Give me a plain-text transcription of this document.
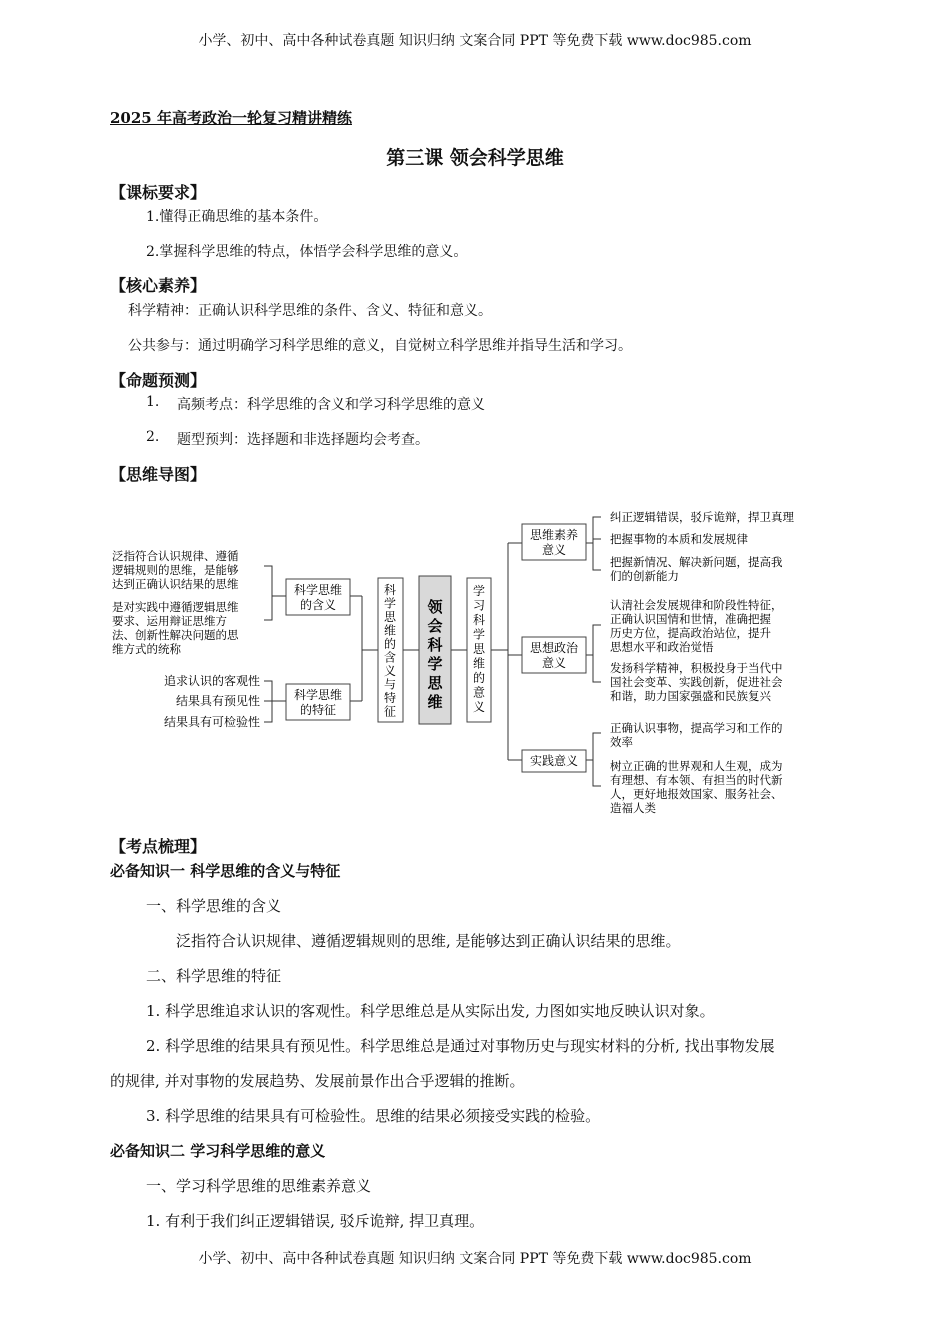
小学、初中、高中各种试卷真题 知识归纳 文案合同 PPT 等免费下载 www.doc985.com
小学、初中、高中各种试卷真题 知识归纳 文案合同 PPT 等免费下载 www.doc985.com
2025 年高考政治一轮复习精讲精练
第三课 领会科学思维
【课标要求】
1.懂得正确思维的基本条件。
2.掌握科学思维的特点，体悟学会科学思维的意义。
【核心素养】
科学精神：正确认识科学思维的条件、含义、特征和意义。
公共参与：通过明确学习科学思维的意义，自觉树立科学思维并指导生活和学习。
【命题预测】
1. 高频考点：科学思维的含义和学习科学思维的意义
2. 题型预判：选择题和非选择题均会考查。
【思维导图】
领
会
科
学
思
维
科
学
思
维
的
含
义
与
特
征
学
习
科
学
思
维
的
意
义
科学思维
的含义
科学思维
的特征
泛指符合认识规律、遵循
逻辑规则的思维，是能够
达到正确认识结果的思维
是对实践中遵循逻辑思维
要求、运用辩证思维方
法、创新性解决问题的思
维方式的统称
追求认识的客观性
结果具有预见性
结果具有可检验性
思维素养
意义
思想政治
意义
实践意义
纠正逻辑错误，驳斥诡辩，捍卫真理
把握事物的本质和发展规律
把握新情况、解决新问题，提高我
们的创新能力
认清社会发展规律和阶段性特征，
正确认识国情和世情，准确把握
历史方位，提高政治站位，提升
思想水平和政治觉悟
发扬科学精神，积极投身于当代中
国社会变革、实践创新，促进社会
和谐，助力国家强盛和民族复兴
正确认识事物，提高学习和工作的
效率
树立正确的世界观和人生观，成为
有理想、有本领、有担当的时代新
人，更好地报效国家、服务社会、
造福人类
【考点梳理】
必备知识一 科学思维的含义与特征
一、科学思维的含义
泛指符合认识规律、遵循逻辑规则的思维, 是能够达到正确认识结果的思维。
二、科学思维的特征
1. 科学思维追求认识的客观性。科学思维总是从实际出发, 力图如实地反映认识对象。
2. 科学思维的结果具有预见性。科学思维总是通过对事物历史与现实材料的分析, 找出事物发展
的规律, 并对事物的发展趋势、发展前景作出合乎逻辑的推断。
3. 科学思维的结果具有可检验性。思维的结果必须接受实践的检验。
必备知识二 学习科学思维的意义
一、学习科学思维的思维素养意义
1. 有利于我们纠正逻辑错误, 驳斥诡辩, 捍卫真理。
